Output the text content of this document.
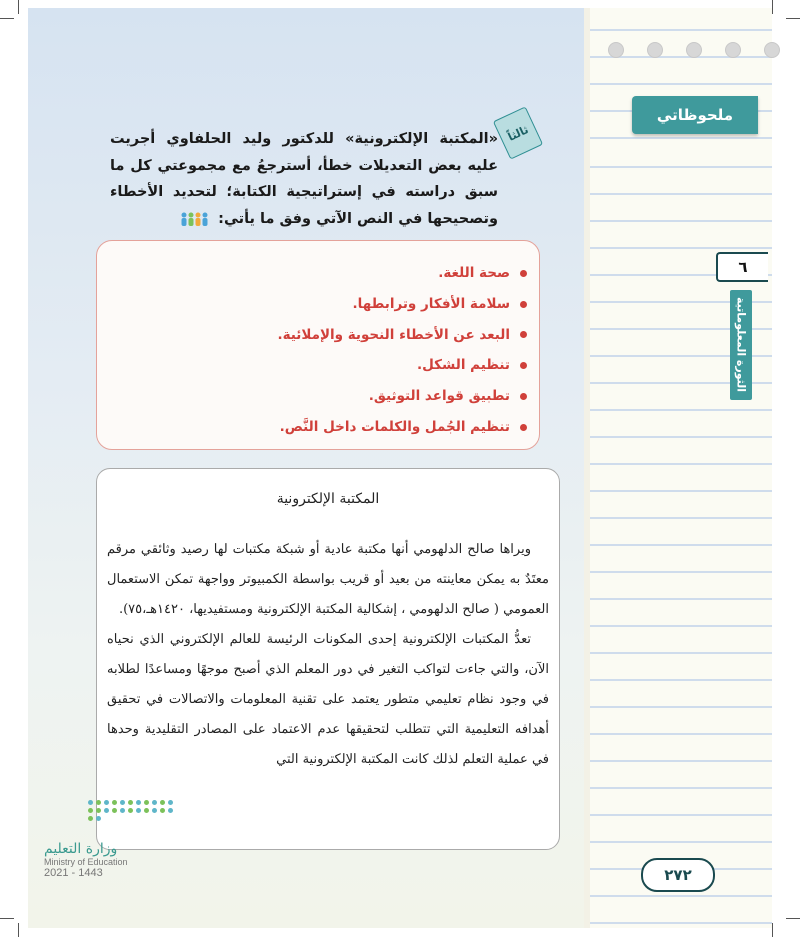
ملحوظاتي
٦
الثورة المعلوماتية
ثالثاً
«المكتبة الإلكترونية» للدكتور وليد الحلفاوي أجريت عليه بعض التعديلات خطأ، أسترجعُ مع مجموعتي كل ما سبق دراسته في إستراتيجية الكتابة؛ لتحديد الأخطاء وتصحيحها في النص الآتي وفق ما يأتي:
صحة اللغة.
سلامة الأفكار وترابطها.
البعد عن الأخطاء النحوية والإملائية.
تنظيم الشكل.
تطبيق قواعد التوثيق.
تنظيم الجُمل والكلمات داخل النَّص.
المكتبة الإلكترونية

ويراها صالح الدلهومي أنها مكتبة عادية أو شبكة مكتبات لها رصيد وثائقي مرقم معتَدٌ به يمكن معاينته من بعيد أو قريب بواسطة الكمبيوتر وواجهة تمكن الاستعمال العمومي ( صالح الدلهومي ، إشكالية المكتبة الإلكترونية ومستفيديها، ١٤٢٠هـ،٧٥).

تعدُّ المكتبات الإلكترونية إحدى المكونات الرئيسة للعالم الإلكتروني الذي نحياه الآن، والتي جاءت لتواكب التغير في دور المعلم الذي أصبح موجهًا ومساعدًا لطلابه في وجود نظام تعليمي متطور يعتمد على تقنية المعلومات والاتصالات في تحقيق أهدافه التعليمية التي تتطلب لتحقيقها عدم الاعتماد على المصادر التقليدية وحدها في عملية التعلم لذلك كانت المكتبة الإلكترونية التي

وزارة التعليم
Ministry of Education
2021 - 1443	٢٧٢
